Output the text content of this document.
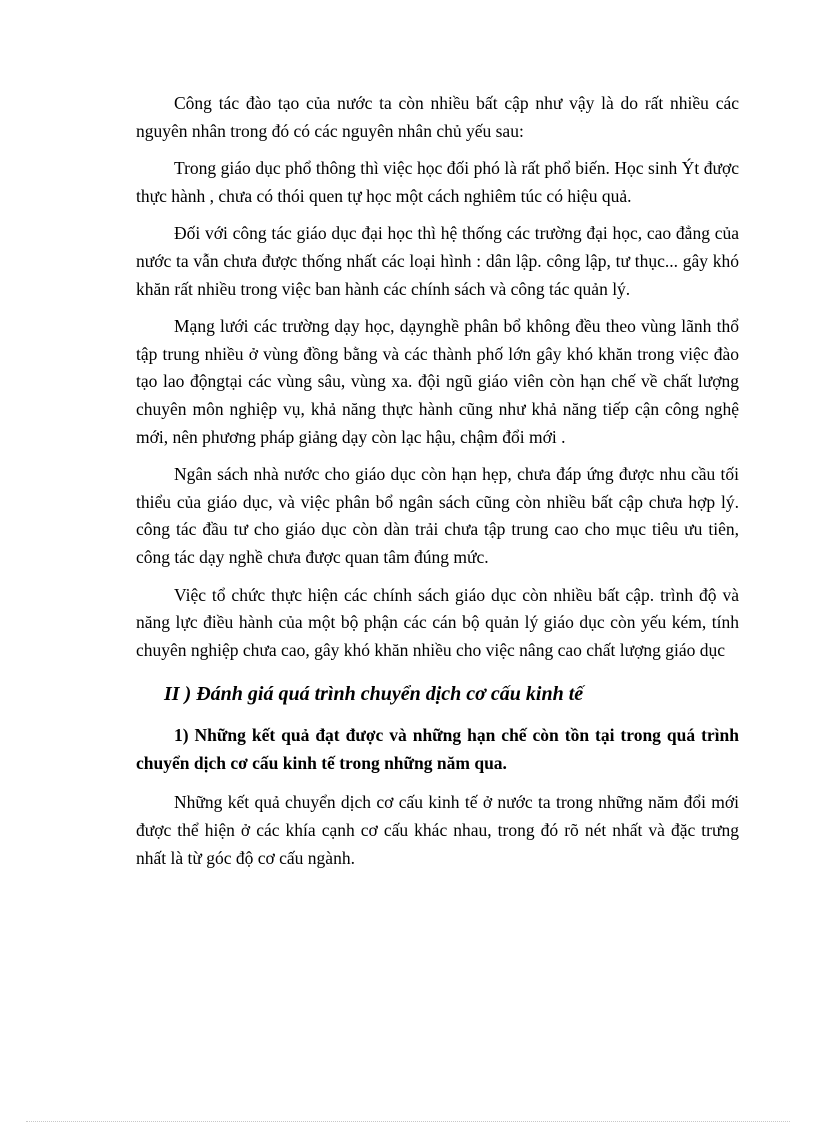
Công tác đào tạo của nước ta còn nhiều bất cập như vậy là do rất nhiều các nguyên nhân trong đó có các nguyên nhân chủ yếu sau:

Trong giáo dục phổ thông thì việc học đối phó là rất phổ biến. Học sinh Ýt được thực hành , chưa có thói quen tự học một cách nghiêm túc có hiệu quả.

Đối với công tác giáo dục đại học thì hệ thống các trường đại học, cao đẳng của nước ta vẫn chưa được thống nhất các loại hình : dân lập. công lập, tư thục... gây khó khăn rất nhiều trong việc ban hành các chính sách và công tác quản lý.

Mạng lưới các trường dạy học, dạynghề phân bổ không đều theo vùng lãnh thổ tập trung nhiều ở vùng đồng bằng và các thành phố lớn gây khó khăn trong việc đào tạo lao độngtại các vùng sâu, vùng xa. đội ngũ giáo viên còn hạn chế về chất lượng chuyên môn nghiệp vụ, khả năng thực hành cũng như khả năng tiếp cận công nghệ mới, nên phương pháp giảng dạy còn lạc hậu, chậm đổi mới .

Ngân sách nhà nước cho giáo dục còn hạn hẹp, chưa đáp ứng được nhu cầu tối thiểu của giáo dục, và việc phân bổ ngân sách cũng còn nhiều bất cập chưa hợp lý. công tác đầu tư cho giáo dục còn dàn trải chưa tập trung cao cho mục tiêu ưu tiên, công tác dạy nghề chưa được quan tâm đúng mức.

Việc tổ chức thực hiện các chính sách giáo dục còn nhiều bất cập. trình độ và năng lực điều hành của một bộ phận các cán bộ quản lý giáo dục còn yếu kém, tính chuyên nghiệp chưa cao, gây khó khăn nhiều cho việc nâng cao chất lượng giáo dục

II ) Đánh giá quá trình chuyển dịch cơ cấu kinh tế
1) Những kết quả đạt được và những hạn chế còn tồn tại trong quá trình chuyển dịch cơ cấu kinh tế trong những năm qua.

Những kết quả chuyển dịch cơ cấu kinh tế ở nước ta trong những năm đổi mới được thể hiện ở các khía cạnh cơ cấu khác nhau, trong đó rõ nét nhất và đặc trưng nhất là từ góc độ cơ cấu ngành.
